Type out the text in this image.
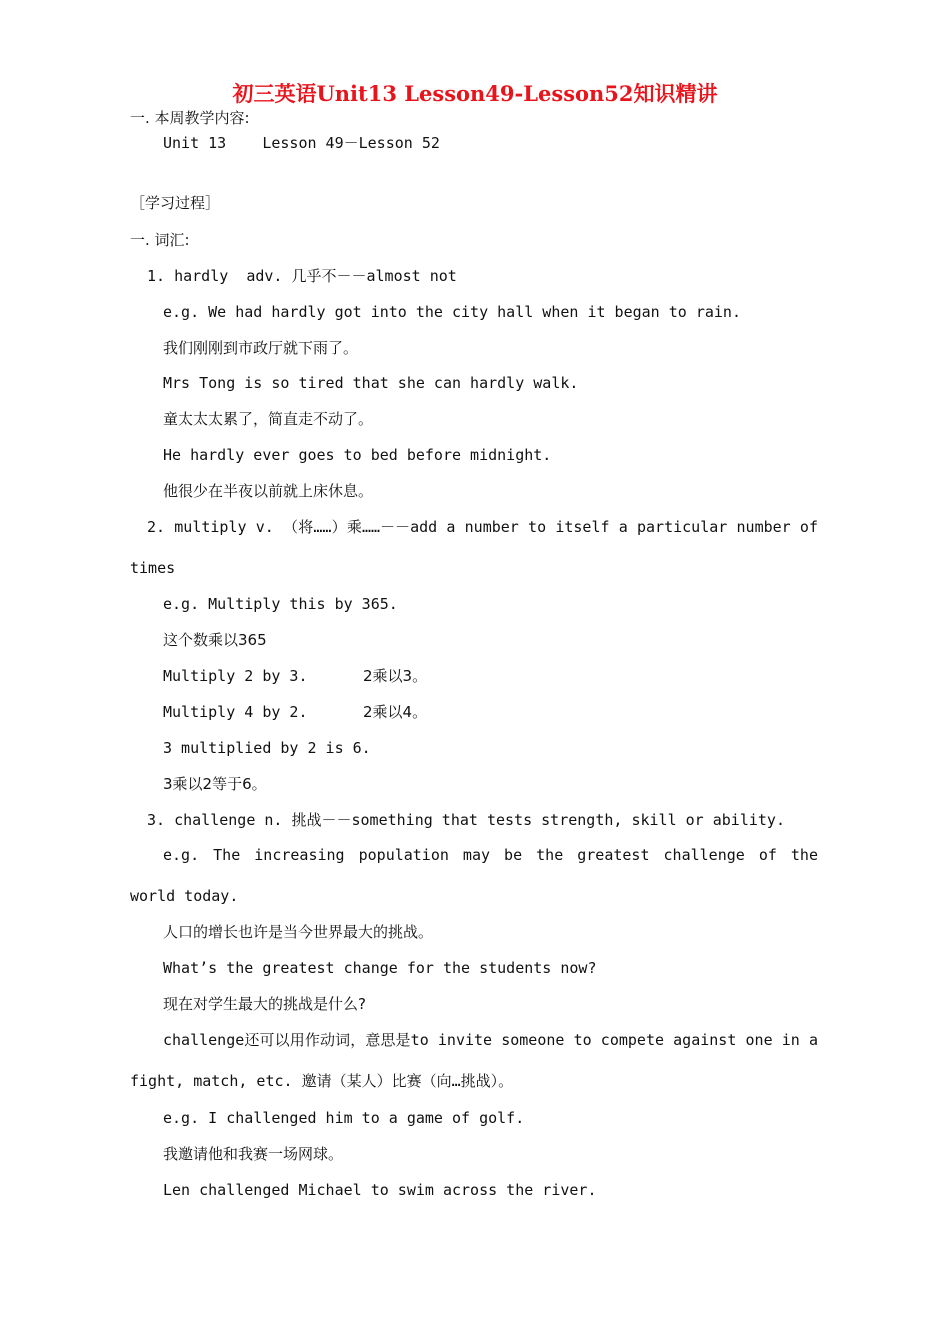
初三英语Unit13 Lesson49-Lesson52知识精讲
一. 本周教学内容:
Unit 13    Lesson 49－Lesson 52
［学习过程］
一. 词汇:
1. hardly  adv. 几乎不－－almost not
e.g. We had hardly got into the city hall when it began to rain.
我们刚刚到市政厅就下雨了。
Mrs Tong is so tired that she can hardly walk.
童太太太累了，简直走不动了。
He hardly ever goes to bed before midnight.
他很少在半夜以前就上床休息。
2. multiply v. （将……）乘……－－add a number to itself a particular number of times
e.g. Multiply this by 365.
这个数乘以365
Multiply 2 by 3.	2乘以3。
Multiply 4 by 2.	2乘以4。
3 multiplied by 2 is 6.
3乘以2等于6。
3. challenge n. 挑战－－something that tests strength, skill or ability.
e.g. The increasing population may be the greatest challenge of the world today.
人口的增长也许是当今世界最大的挑战。
What’s the greatest change for the students now?
现在对学生最大的挑战是什么?
challenge还可以用作动词，意思是to invite someone to compete against one in a fight, match, etc. 邀请（某人）比赛（向…挑战）。
e.g. I challenged him to a game of golf.
我邀请他和我赛一场网球。
Len challenged Michael to swim across the river.
